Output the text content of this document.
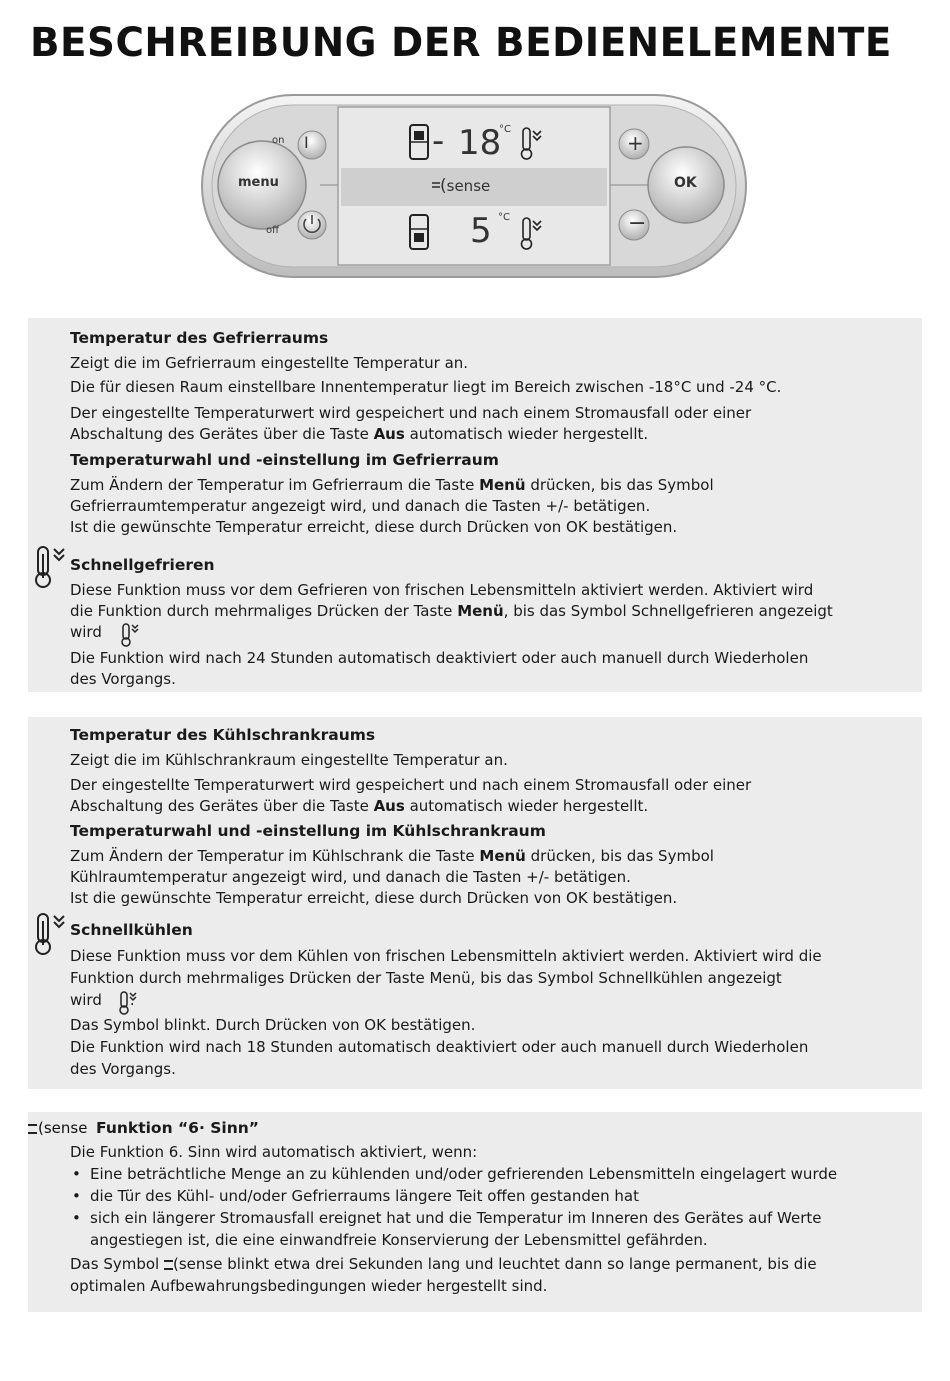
BESCHREIBUNG DER BEDIENELEMENTE
on I
off
menu	OK
+
−
- 18
°C
5 °C
(sense

Temperatur des Gefrierraums

Zeigt die im Gefrierraum eingestellte Temperatur an.

Die für diesen Raum einstellbare Innentemperatur liegt im Bereich zwischen -18°C und -24 °C.

Der eingestellte Temperaturwert wird gespeichert und nach einem Stromausfall oder einer

Abschaltung des Gerätes über die Taste Aus automatisch wieder hergestellt.

Temperaturwahl und -einstellung im Gefrierraum

Zum Ändern der Temperatur im Gefrierraum die Taste Menü drücken, bis das Symbol

Gefrierraumtemperatur angezeigt wird, und danach die Tasten +/- betätigen.

Ist die gewünschte Temperatur erreicht, diese durch Drücken von OK bestätigen.

Schnellgefrieren

Diese Funktion muss vor dem Gefrieren von frischen Lebensmitteln aktiviert werden. Aktiviert wird

die Funktion durch mehrmaliges Drücken der Taste Menü, bis das Symbol Schnellgefrieren angezeigt

wird

Die Funktion wird nach 24 Stunden automatisch deaktiviert oder auch manuell durch Wiederholen

des Vorgangs.

Temperatur des Kühlschrankraums

Zeigt die im Kühlschrankraum eingestellte Temperatur an.

Der eingestellte Temperaturwert wird gespeichert und nach einem Stromausfall oder einer

Abschaltung des Gerätes über die Taste Aus automatisch wieder hergestellt.

Temperaturwahl und -einstellung im Kühlschrankraum

Zum Ändern der Temperatur im Kühlschrank die Taste Menü drücken, bis das Symbol

Kühlraumtemperatur angezeigt wird, und danach die Tasten +/- betätigen.

Ist die gewünschte Temperatur erreicht, diese durch Drücken von OK bestätigen.

Schnellkühlen

Diese Funktion muss vor dem Kühlen von frischen Lebensmitteln aktiviert werden. Aktiviert wird die

Funktion durch mehrmaliges Drücken der Taste Menü, bis das Symbol Schnellkühlen angezeigt

wird .

Das Symbol blinkt. Durch Drücken von OK bestätigen.

Die Funktion wird nach 18 Stunden automatisch deaktiviert oder auch manuell durch Wiederholen

des Vorgangs.

(sense Funktion “6· Sinn”

Die Funktion 6. Sinn wird automatisch aktiviert, wenn:

• Eine beträchtliche Menge an zu kühlenden und/oder gefrierenden Lebensmitteln eingelagert wurde

• die Tür des Kühl- und/oder Gefrierraums längere Teit offen gestanden hat

• sich ein längerer Stromausfall ereignet hat und die Temperatur im Inneren des Gerätes auf Werte

angestiegen ist, die eine einwandfreie Konservierung der Lebensmittel gefährden.

Das Symbol (sense blinkt etwa drei Sekunden lang und leuchtet dann so lange permanent, bis die

optimalen Aufbewahrungsbedingungen wieder hergestellt sind.
